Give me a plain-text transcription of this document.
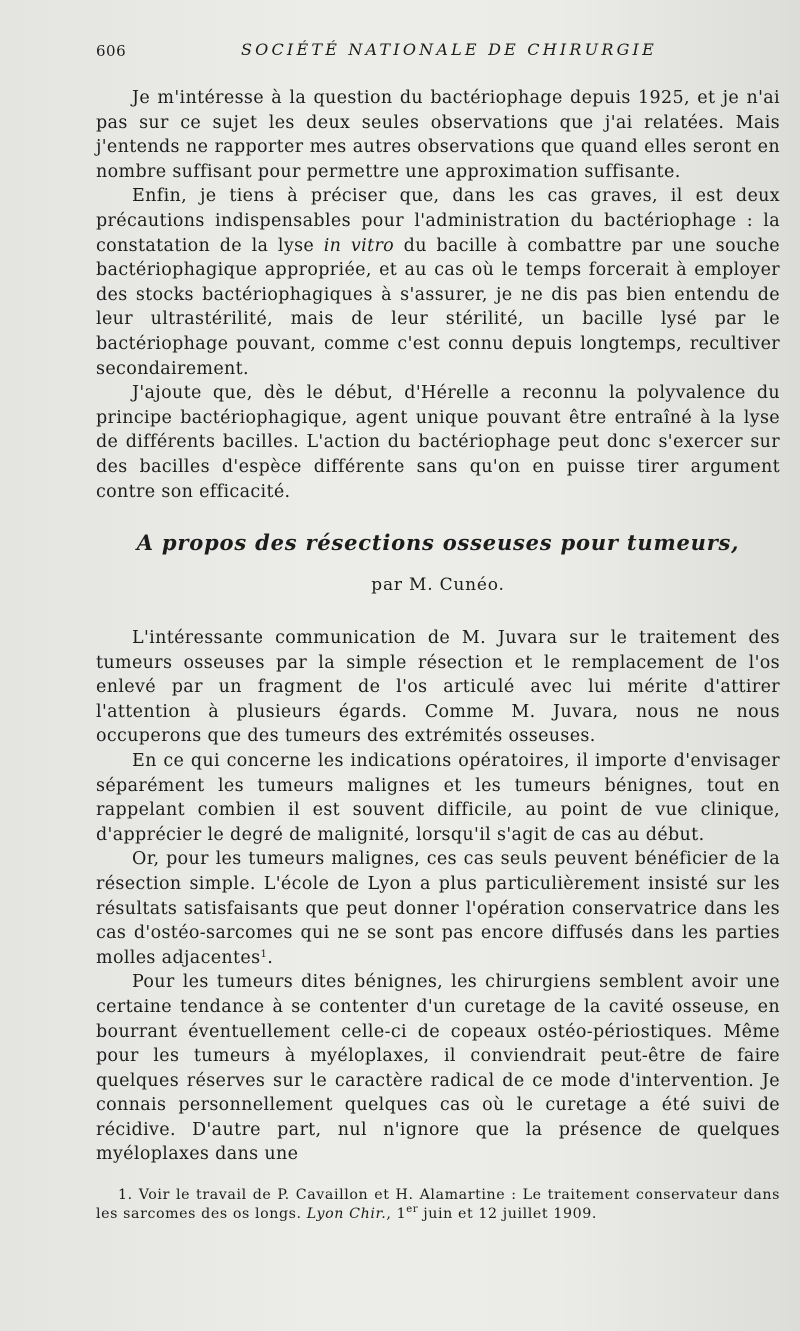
606	SOCIÉTÉ NATIONALE DE CHIRURGIE

Je m'intéresse à la question du bactériophage depuis 1925, et je n'ai pas sur ce sujet les deux seules observations que j'ai relatées. Mais j'entends ne rapporter mes autres observations que quand elles seront en nombre suffisant pour permettre une approximation suffisante.

Enfin, je tiens à préciser que, dans les cas graves, il est deux précautions indispensables pour l'administration du bactériophage : la constatation de la lyse in vitro du bacille à combattre par une souche bactériophagique appropriée, et au cas où le temps forcerait à employer des stocks bactériophagiques à s'assurer, je ne dis pas bien entendu de leur ultrastérilité, mais de leur stérilité, un bacille lysé par le bactériophage pouvant, comme c'est connu depuis longtemps, recultiver secondairement.

J'ajoute que, dès le début, d'Hérelle a reconnu la polyvalence du principe bactériophagique, agent unique pouvant être entraîné à la lyse de différents bacilles. L'action du bactériophage peut donc s'exercer sur des bacilles d'espèce différente sans qu'on en puisse tirer argument contre son efficacité.

A propos des résections osseuses pour tumeurs,
par M. Cunéo.

L'intéressante communication de M. Juvara sur le traitement des tumeurs osseuses par la simple résection et le remplacement de l'os enlevé par un fragment de l'os articulé avec lui mérite d'attirer l'attention à plusieurs égards. Comme M. Juvara, nous ne nous occuperons que des tumeurs des extrémités osseuses.

En ce qui concerne les indications opératoires, il importe d'envisager séparément les tumeurs malignes et les tumeurs bénignes, tout en rappelant combien il est souvent difficile, au point de vue clinique, d'apprécier le degré de malignité, lorsqu'il s'agit de cas au début.

Or, pour les tumeurs malignes, ces cas seuls peuvent bénéficier de la résection simple. L'école de Lyon a plus particulièrement insisté sur les résultats satisfaisants que peut donner l'opération conservatrice dans les cas d'ostéo-sarcomes qui ne se sont pas encore diffusés dans les parties molles adjacentes$^1$.

Pour les tumeurs dites bénignes, les chirurgiens semblent avoir une certaine tendance à se contenter d'un curetage de la cavité osseuse, en bourrant éventuellement celle-ci de copeaux ostéo-périostiques. Même pour les tumeurs à myéloplaxes, il conviendrait peut-être de faire quelques réserves sur le caractère radical de ce mode d'intervention. Je connais personnellement quelques cas où le curetage a été suivi de récidive. D'autre part, nul n'ignore que la présence de quelques myéloplaxes dans une

1. Voir le travail de P. Cavaillon et H. Alamartine : Le traitement conservateur dans les sarcomes des os longs. Lyon Chir., 1er juin et 12 juillet 1909.
